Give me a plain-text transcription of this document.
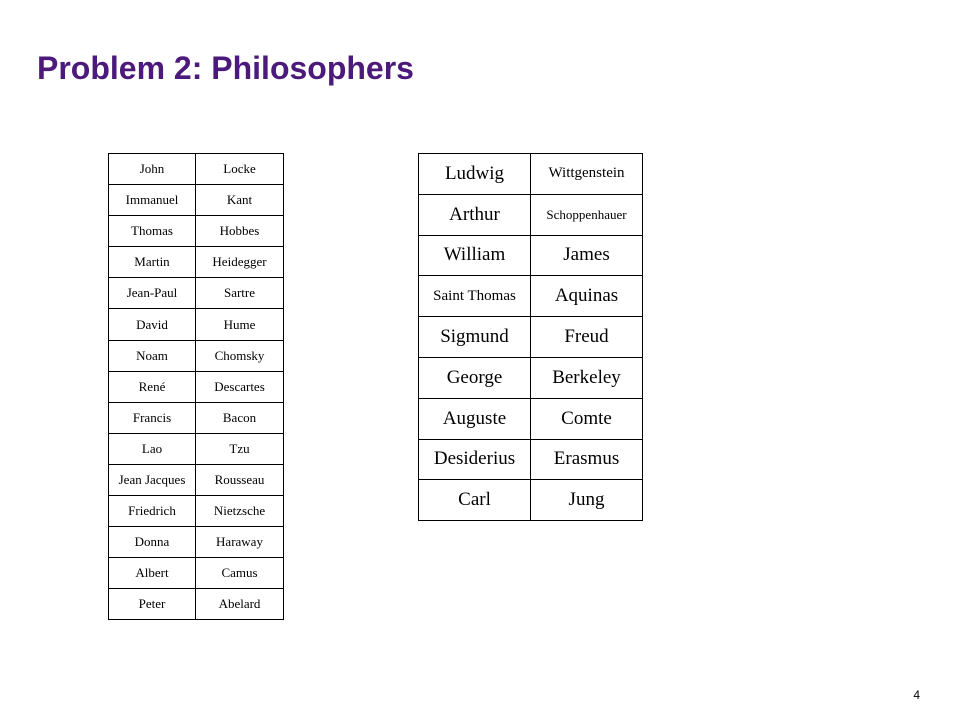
Problem 2: Philosophers
John	Locke
Immanuel	Kant
Thomas	Hobbes
Martin	Heidegger
Jean-Paul	Sartre
David	Hume
Noam	Chomsky
René	Descartes
Francis	Bacon
Lao	Tzu
Jean Jacques	Rousseau
Friedrich	Nietzsche
Donna	Haraway
Albert	Camus
Peter	Abelard
Ludwig	Wittgenstein
Arthur	Schoppenhauer
William	James
Saint Thomas	Aquinas
Sigmund	Freud
George	Berkeley
Auguste	Comte
Desiderius	Erasmus
Carl	Jung
4
